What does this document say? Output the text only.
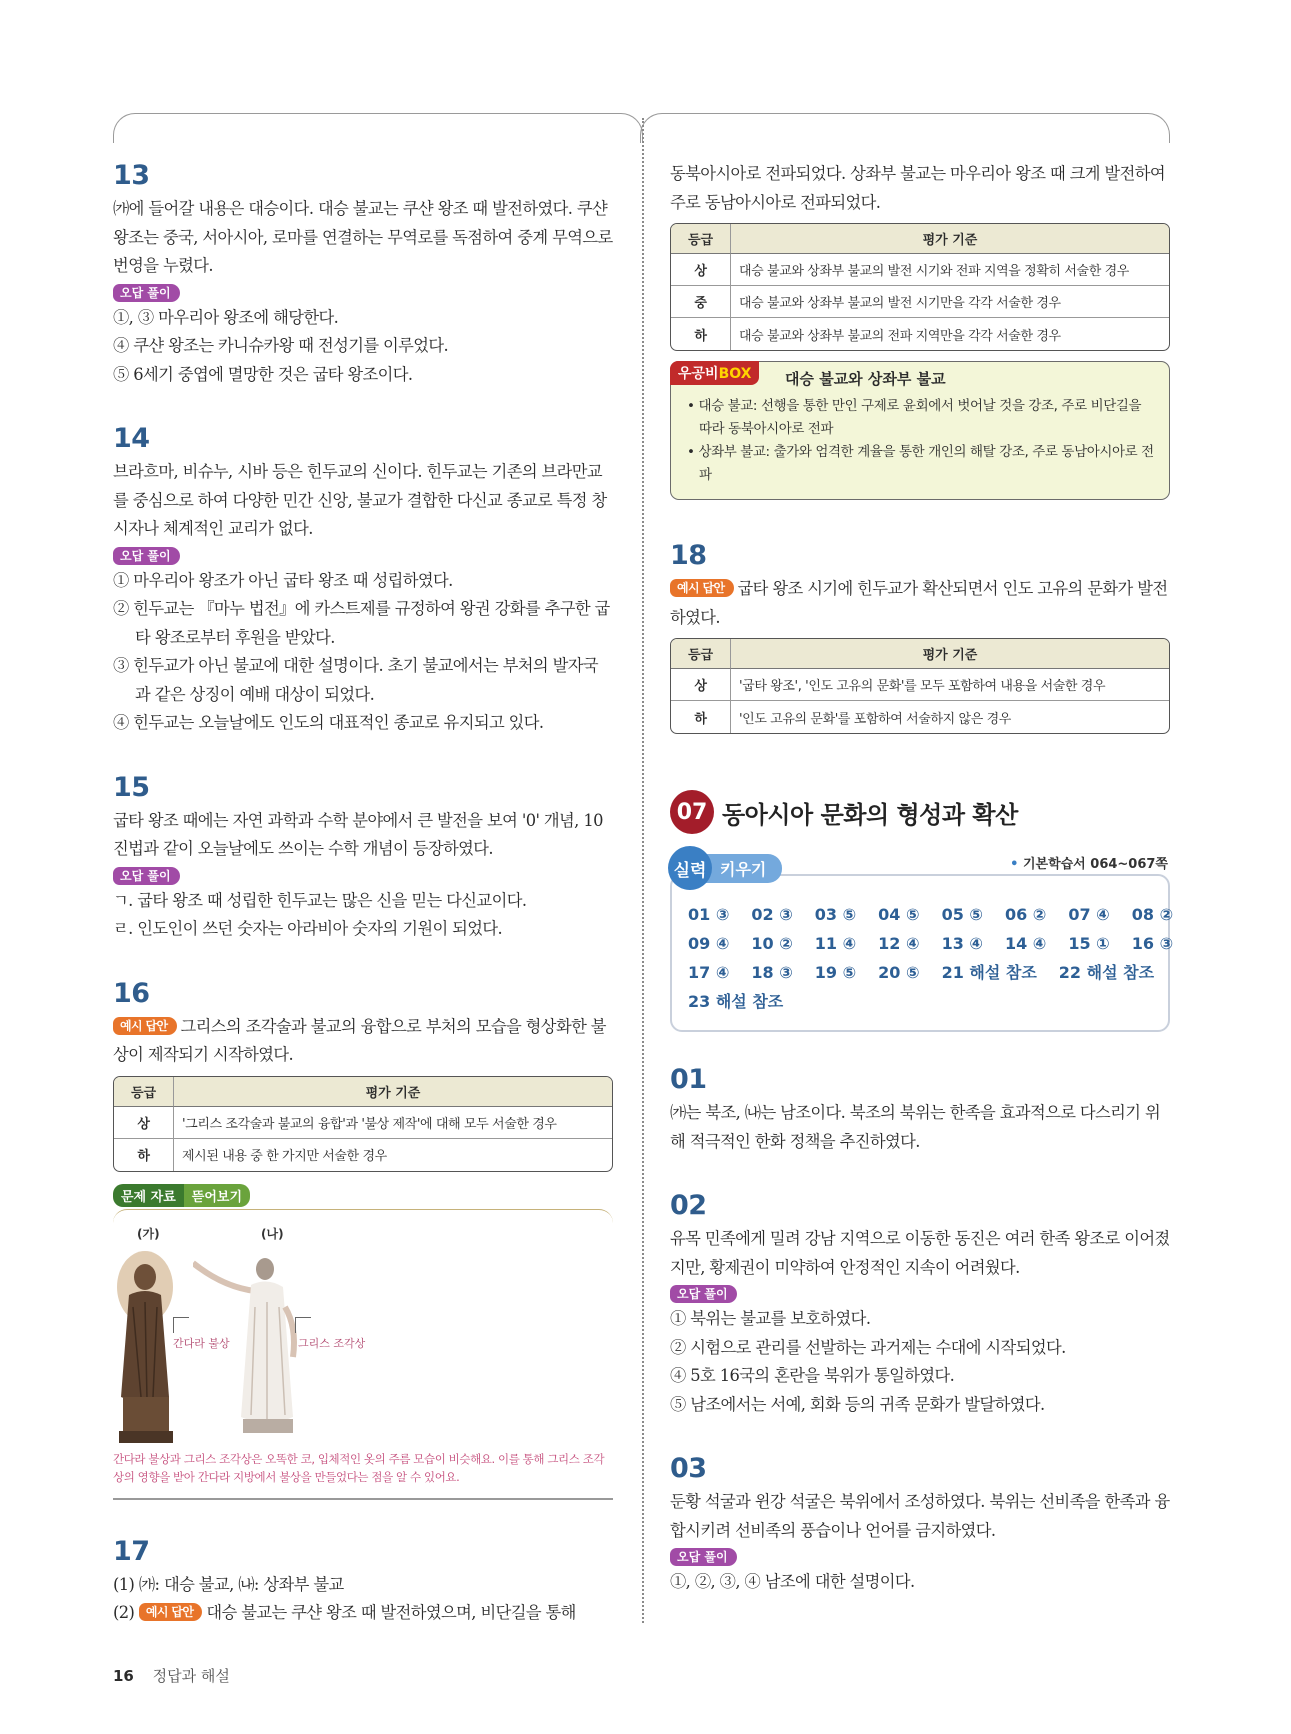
13

㈎에 들어갈 내용은 대승이다. 대승 불교는 쿠샨 왕조 때 발전하였다. 쿠샨 왕조는 중국, 서아시아, 로마를 연결하는 무역로를 독점하여 중계 무역으로 번영을 누렸다.

오답 풀이
①, ③ 마우리아 왕조에 해당한다.
④ 쿠샨 왕조는 카니슈카왕 때 전성기를 이루었다.
⑤ 6세기 중엽에 멸망한 것은 굽타 왕조이다.
14

브라흐마, 비슈누, 시바 등은 힌두교의 신이다. 힌두교는 기존의 브라만교를 중심으로 하여 다양한 민간 신앙, 불교가 결합한 다신교 종교로 특정 창시자나 체계적인 교리가 없다.

오답 풀이
① 마우리아 왕조가 아닌 굽타 왕조 때 성립하였다.
② 힌두교는 『마누 법전』에 카스트제를 규정하여 왕권 강화를 추구한 굽타 왕조로부터 후원을 받았다.
③ 힌두교가 아닌 불교에 대한 설명이다. 초기 불교에서는 부처의 발자국과 같은 상징이 예배 대상이 되었다.
④ 힌두교는 오늘날에도 인도의 대표적인 종교로 유지되고 있다.
15

굽타 왕조 때에는 자연 과학과 수학 분야에서 큰 발전을 보여 '0' 개념, 10진법과 같이 오늘날에도 쓰이는 수학 개념이 등장하였다.

오답 풀이
ㄱ. 굽타 왕조 때 성립한 힌두교는 많은 신을 믿는 다신교이다.
ㄹ. 인도인이 쓰던 숫자는 아라비아 숫자의 기원이 되었다.
16

예시 답안 그리스의 조각술과 불교의 융합으로 부처의 모습을 형상화한 불상이 제작되기 시작하였다.

등급	평가 기준
상	'그리스 조각술과 불교의 융합'과 '불상 제작'에 대해 모두 서술한 경우
하	제시된 내용 중 한 가지만 서술한 경우
문제 자료 뜯어보기
(가)	(나)
간다라 불상	그리스 조각상
간다라 불상과 그리스 조각상은 오똑한 코, 입체적인 옷의 주름 모습이 비슷해요. 이를 통해 그리스 조각상의 영향을 받아 간다라 지방에서 불상을 만들었다는 점을 알 수 있어요.
17
(1) ㈎: 대승 불교, ㈏: 상좌부 불교
(2) 예시 답안 대승 불교는 쿠샨 왕조 때 발전하였으며, 비단길을 통해

동북아시아로 전파되었다. 상좌부 불교는 마우리아 왕조 때 크게 발전하여 주로 동남아시아로 전파되었다.

등급	평가 기준
상	대승 불교와 상좌부 불교의 발전 시기와 전파 지역을 정확히 서술한 경우
중	대승 불교와 상좌부 불교의 발전 시기만을 각각 서술한 경우
하	대승 불교와 상좌부 불교의 전파 지역만을 각각 서술한 경우
우공비BOX	대승 불교와 상좌부 불교
• 대승 불교: 선행을 통한 만인 구제로 윤회에서 벗어날 것을 강조, 주로 비단길을 따라 동북아시아로 전파
• 상좌부 불교: 출가와 엄격한 계율을 통한 개인의 해탈 강조, 주로 동남아시아로 전파
18

예시 답안 굽타 왕조 시기에 힌두교가 확산되면서 인도 고유의 문화가 발전하였다.

등급	평가 기준
상	'굽타 왕조', '인도 고유의 문화'를 모두 포함하여 내용을 서술한 경우
하	'인도 고유의 문화'를 포함하여 서술하지 않은 경우
07 동아시아 문화의 형성과 확산
실력 키우기	• 기본학습서 064~067쪽
01 ③ 02 ③ 03 ⑤ 04 ⑤ 05 ⑤ 06 ② 07 ④ 08 ②
09 ④ 10 ② 11 ④ 12 ④ 13 ④ 14 ④ 15 ① 16 ③
17 ④ 18 ③ 19 ⑤ 20 ⑤ 21 해설 참조 22 해설 참조
23 해설 참조
01

㈎는 북조, ㈏는 남조이다. 북조의 북위는 한족을 효과적으로 다스리기 위해 적극적인 한화 정책을 추진하였다.

02

유목 민족에게 밀려 강남 지역으로 이동한 동진은 여러 한족 왕조로 이어졌지만, 황제권이 미약하여 안정적인 지속이 어려웠다.

오답 풀이
① 북위는 불교를 보호하였다.
② 시험으로 관리를 선발하는 과거제는 수대에 시작되었다.
④ 5호 16국의 혼란을 북위가 통일하였다.
⑤ 남조에서는 서예, 회화 등의 귀족 문화가 발달하였다.
03

둔황 석굴과 윈강 석굴은 북위에서 조성하였다. 북위는 선비족을 한족과 융합시키려 선비족의 풍습이나 언어를 금지하였다.

오답 풀이
①, ②, ③, ④ 남조에 대한 설명이다.
16 정답과 해설
